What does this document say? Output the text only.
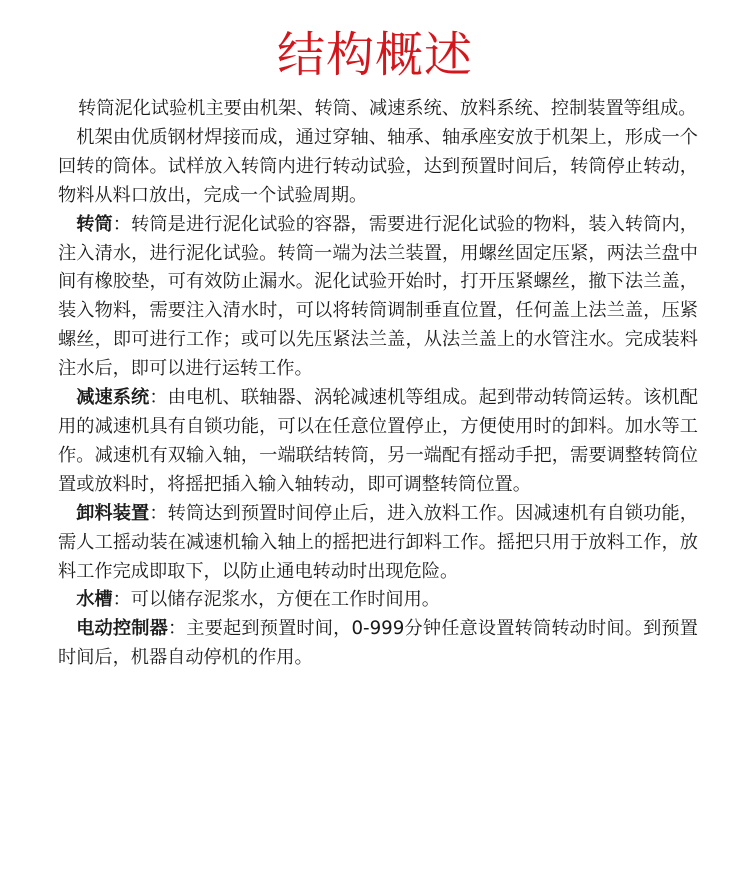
结构概述

转筒泥化试验机主要由机架、转筒、减速系统、放料系统、控制装置等组成。

机架由优质钢材焊接而成，通过穿轴、轴承、轴承座安放于机架上，形成一个回转的筒体。试样放入转筒内进行转动试验，达到预置时间后，转筒停止转动，物料从料口放出，完成一个试验周期。

转筒：转筒是进行泥化试验的容器，需要进行泥化试验的物料，装入转筒内，注入清水，进行泥化试验。转筒一端为法兰装置，用螺丝固定压紧，两法兰盘中间有橡胶垫，可有效防止漏水。泥化试验开始时，打开压紧螺丝，撤下法兰盖，装入物料，需要注入清水时，可以将转筒调制垂直位置，任何盖上法兰盖，压紧螺丝，即可进行工作；或可以先压紧法兰盖，从法兰盖上的水管注水。完成装料注水后，即可以进行运转工作。

减速系统：由电机、联轴器、涡轮减速机等组成。起到带动转筒运转。该机配用的减速机具有自锁功能，可以在任意位置停止，方便使用时的卸料。加水等工作。减速机有双输入轴，一端联结转筒，另一端配有摇动手把，需要调整转筒位置或放料时，将摇把插入输入轴转动，即可调整转筒位置。

卸料装置：转筒达到预置时间停止后，进入放料工作。因减速机有自锁功能，需人工摇动装在减速机输入轴上的摇把进行卸料工作。摇把只用于放料工作，放料工作完成即取下，以防止通电转动时出现危险。

水槽：可以储存泥浆水，方便在工作时间用。

电动控制器：主要起到预置时间，0-999分钟任意设置转筒转动时间。到预置时间后，机器自动停机的作用。
